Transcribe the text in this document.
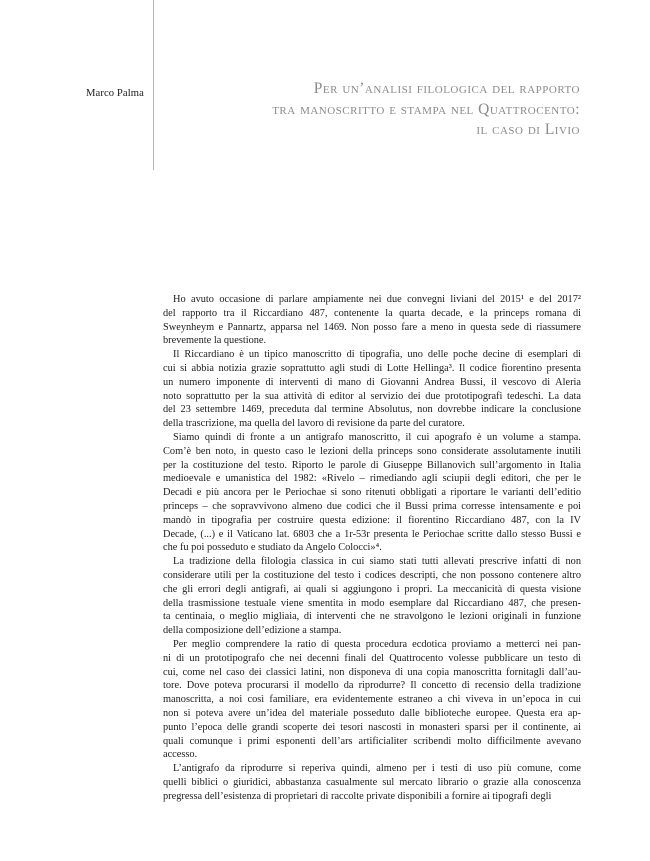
Marco Palma	Per un’analisi filologica del rapporto
tra manoscritto e stampa nel Quattrocento:
il caso di Livio

Ho avuto occasione di parlare ampiamente nei due convegni liviani del 2015¹ e del 2017²
del rapporto tra il Riccardiano 487, contenente la quarta decade, e la princeps romana di
Sweynheym e Pannartz, apparsa nel 1469. Non posso fare a meno in questa sede di riassumere
brevemente la questione.

Il Riccardiano è un tipico manoscritto di tipografia, uno delle poche decine di esemplari di
cui si abbia notizia grazie soprattutto agli studi di Lotte Hellinga³. Il codice fiorentino presenta
un numero imponente di interventi di mano di Giovanni Andrea Bussi, il vescovo di Aleria
noto soprattutto per la sua attività di editor al servizio dei due prototipografi tedeschi. La data
del 23 settembre 1469, preceduta dal termine Absolutus, non dovrebbe indicare la conclusione
della trascrizione, ma quella del lavoro di revisione da parte del curatore.

Siamo quindi di fronte a un antigrafo manoscritto, il cui apografo è un volume a stampa.
Com’è ben noto, in questo caso le lezioni della princeps sono considerate assolutamente inutili
per la costituzione del testo. Riporto le parole di Giuseppe Billanovich sull’argomento in Italia
medioevale e umanistica del 1982: «Rivelo – rimediando agli sciupii degli editori, che per le
Decadi e più ancora per le Periochae si sono ritenuti obbligati a riportare le varianti dell’editio
princeps – che sopravvivono almeno due codici che il Bussi prima corresse intensamente e poi
mandò in tipografia per costruire questa edizione: il fiorentino Riccardiano 487, con la IV
Decade, (...) e il Vaticano lat. 6803 che a 1r-53r presenta le Periochae scritte dallo stesso Bussi e
che fu poi posseduto e studiato da Angelo Colocci»⁴.

La tradizione della filologia classica in cui siamo stati tutti allevati prescrive infatti di non
considerare utili per la costituzione del testo i codices descripti, che non possono contenere altro
che gli errori degli antigrafi, ai quali si aggiungono i propri. La meccanicità di questa visione
della trasmissione testuale viene smentita in modo esemplare dal Riccardiano 487, che presen-
ta centinaia, o meglio migliaia, di interventi che ne stravolgono le lezioni originali in funzione
della composizione dell’edizione a stampa.

Per meglio comprendere la ratio di questa procedura ecdotica proviamo a metterci nei pan-
ni di un prototipografo che nei decenni finali del Quattrocento volesse pubblicare un testo di
cui, come nel caso dei classici latini, non disponeva di una copia manoscritta fornitagli dall’au-
tore. Dove poteva procurarsi il modello da riprodurre? Il concetto di recensio della tradizione
manoscritta, a noi così familiare, era evidentemente estraneo a chi viveva in un’epoca in cui
non si poteva avere un’idea del materiale posseduto dalle biblioteche europee. Questa era ap-
punto l’epoca delle grandi scoperte dei tesori nascosti in monasteri sparsi per il continente, ai
quali comunque i primi esponenti dell’ars artificialiter scribendi molto difficilmente avevano
accesso.

L’antigrafo da riprodurre si reperiva quindi, almeno per i testi di uso più comune, come
quelli biblici o giuridici, abbastanza casualmente sul mercato librario o grazie alla conoscenza
pregressa dell’esistenza di proprietari di raccolte private disponibili a fornire ai tipografi degli
